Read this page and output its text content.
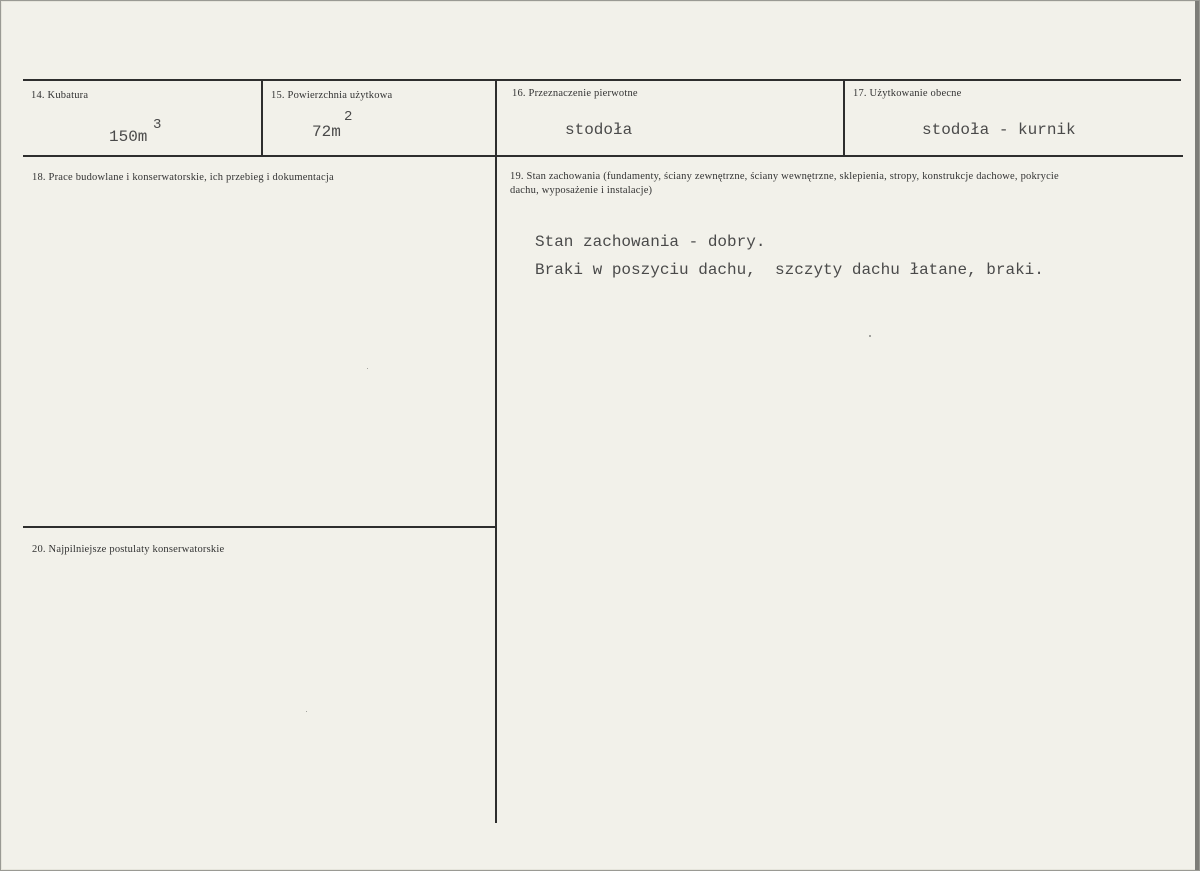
14. Kubatura
150m
3
15. Powierzchnia użytkowa
2
72m
16. Przeznaczenie pierwotne
stodoła
17. Użytkowanie obecne
stodoła - kurnik
18. Prace budowlane i konserwatorskie, ich przebieg i dokumentacja	19. Stan zachowania (fundamenty, ściany zewnętrzne, ściany wewnętrzne, sklepienia, stropy, konstrukcje dachowe, pokrycie dachu, wyposażenie i instalacje)
Stan zachowania - dobry.
Braki w poszyciu dachu,  szczyty dachu łatane, braki.
20. Najpilniejsze postulaty konserwatorskie
